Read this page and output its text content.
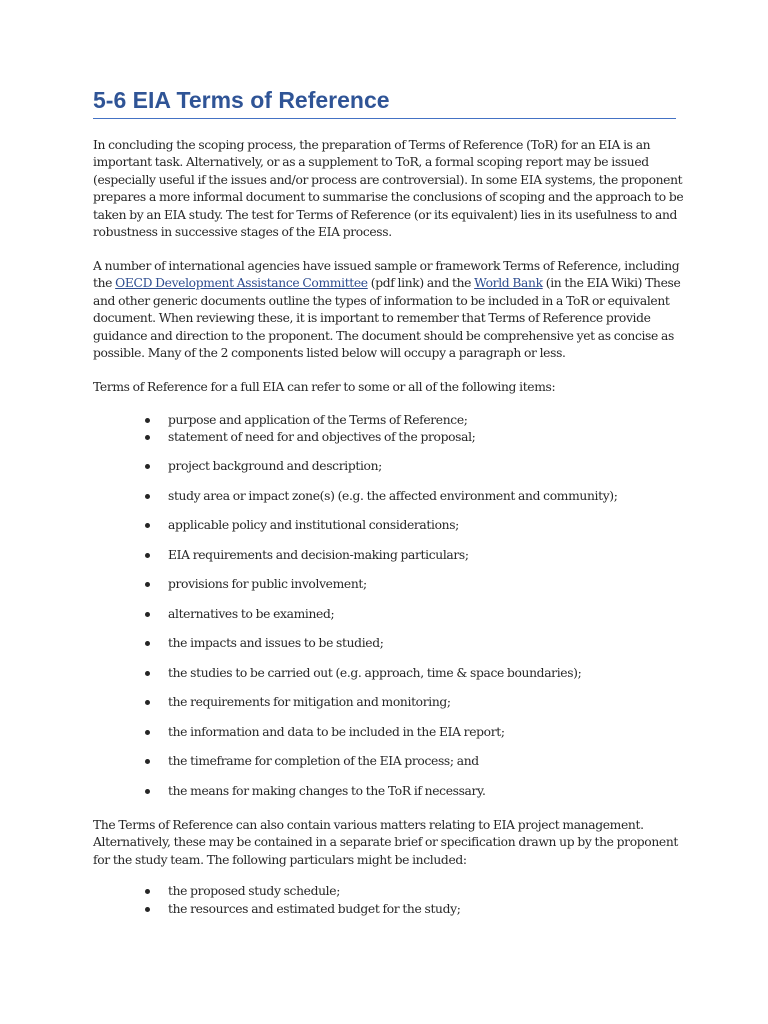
5-6 EIA Terms of Reference

In concluding the scoping process, the preparation of Terms of Reference (ToR) for an EIA is an
important task. Alternatively, or as a supplement to ToR, a formal scoping report may be issued
(especially useful if the issues and/or process are controversial). In some EIA systems, the proponent
prepares a more informal document to summarise the conclusions of scoping and the approach to be
taken by an EIA study. The test for Terms of Reference (or its equivalent) lies in its usefulness to and
robustness in successive stages of the EIA process.

A number of international agencies have issued sample or framework Terms of Reference, including
the OECD Development Assistance Committee (pdf link) and the World Bank (in the EIA Wiki) These
and other generic documents outline the types of information to be included in a ToR or equivalent
document. When reviewing these, it is important to remember that Terms of Reference provide
guidance and direction to the proponent. The document should be comprehensive yet as concise as
possible. Many of the 2 components listed below will occupy a paragraph or less.

Terms of Reference for a full EIA can refer to some or all of the following items:

purpose and application of the Terms of Reference;
statement of need for and objectives of the proposal;
project background and description;
study area or impact zone(s) (e.g. the affected environment and community);
applicable policy and institutional considerations;
EIA requirements and decision-making particulars;
provisions for public involvement;
alternatives to be examined;
the impacts and issues to be studied;
the studies to be carried out (e.g. approach, time & space boundaries);
the requirements for mitigation and monitoring;
the information and data to be included in the EIA report;
the timeframe for completion of the EIA process; and
the means for making changes to the ToR if necessary.

The Terms of Reference can also contain various matters relating to EIA project management.
Alternatively, these may be contained in a separate brief or specification drawn up by the proponent
for the study team. The following particulars might be included:

the proposed study schedule;
the resources and estimated budget for the study;
